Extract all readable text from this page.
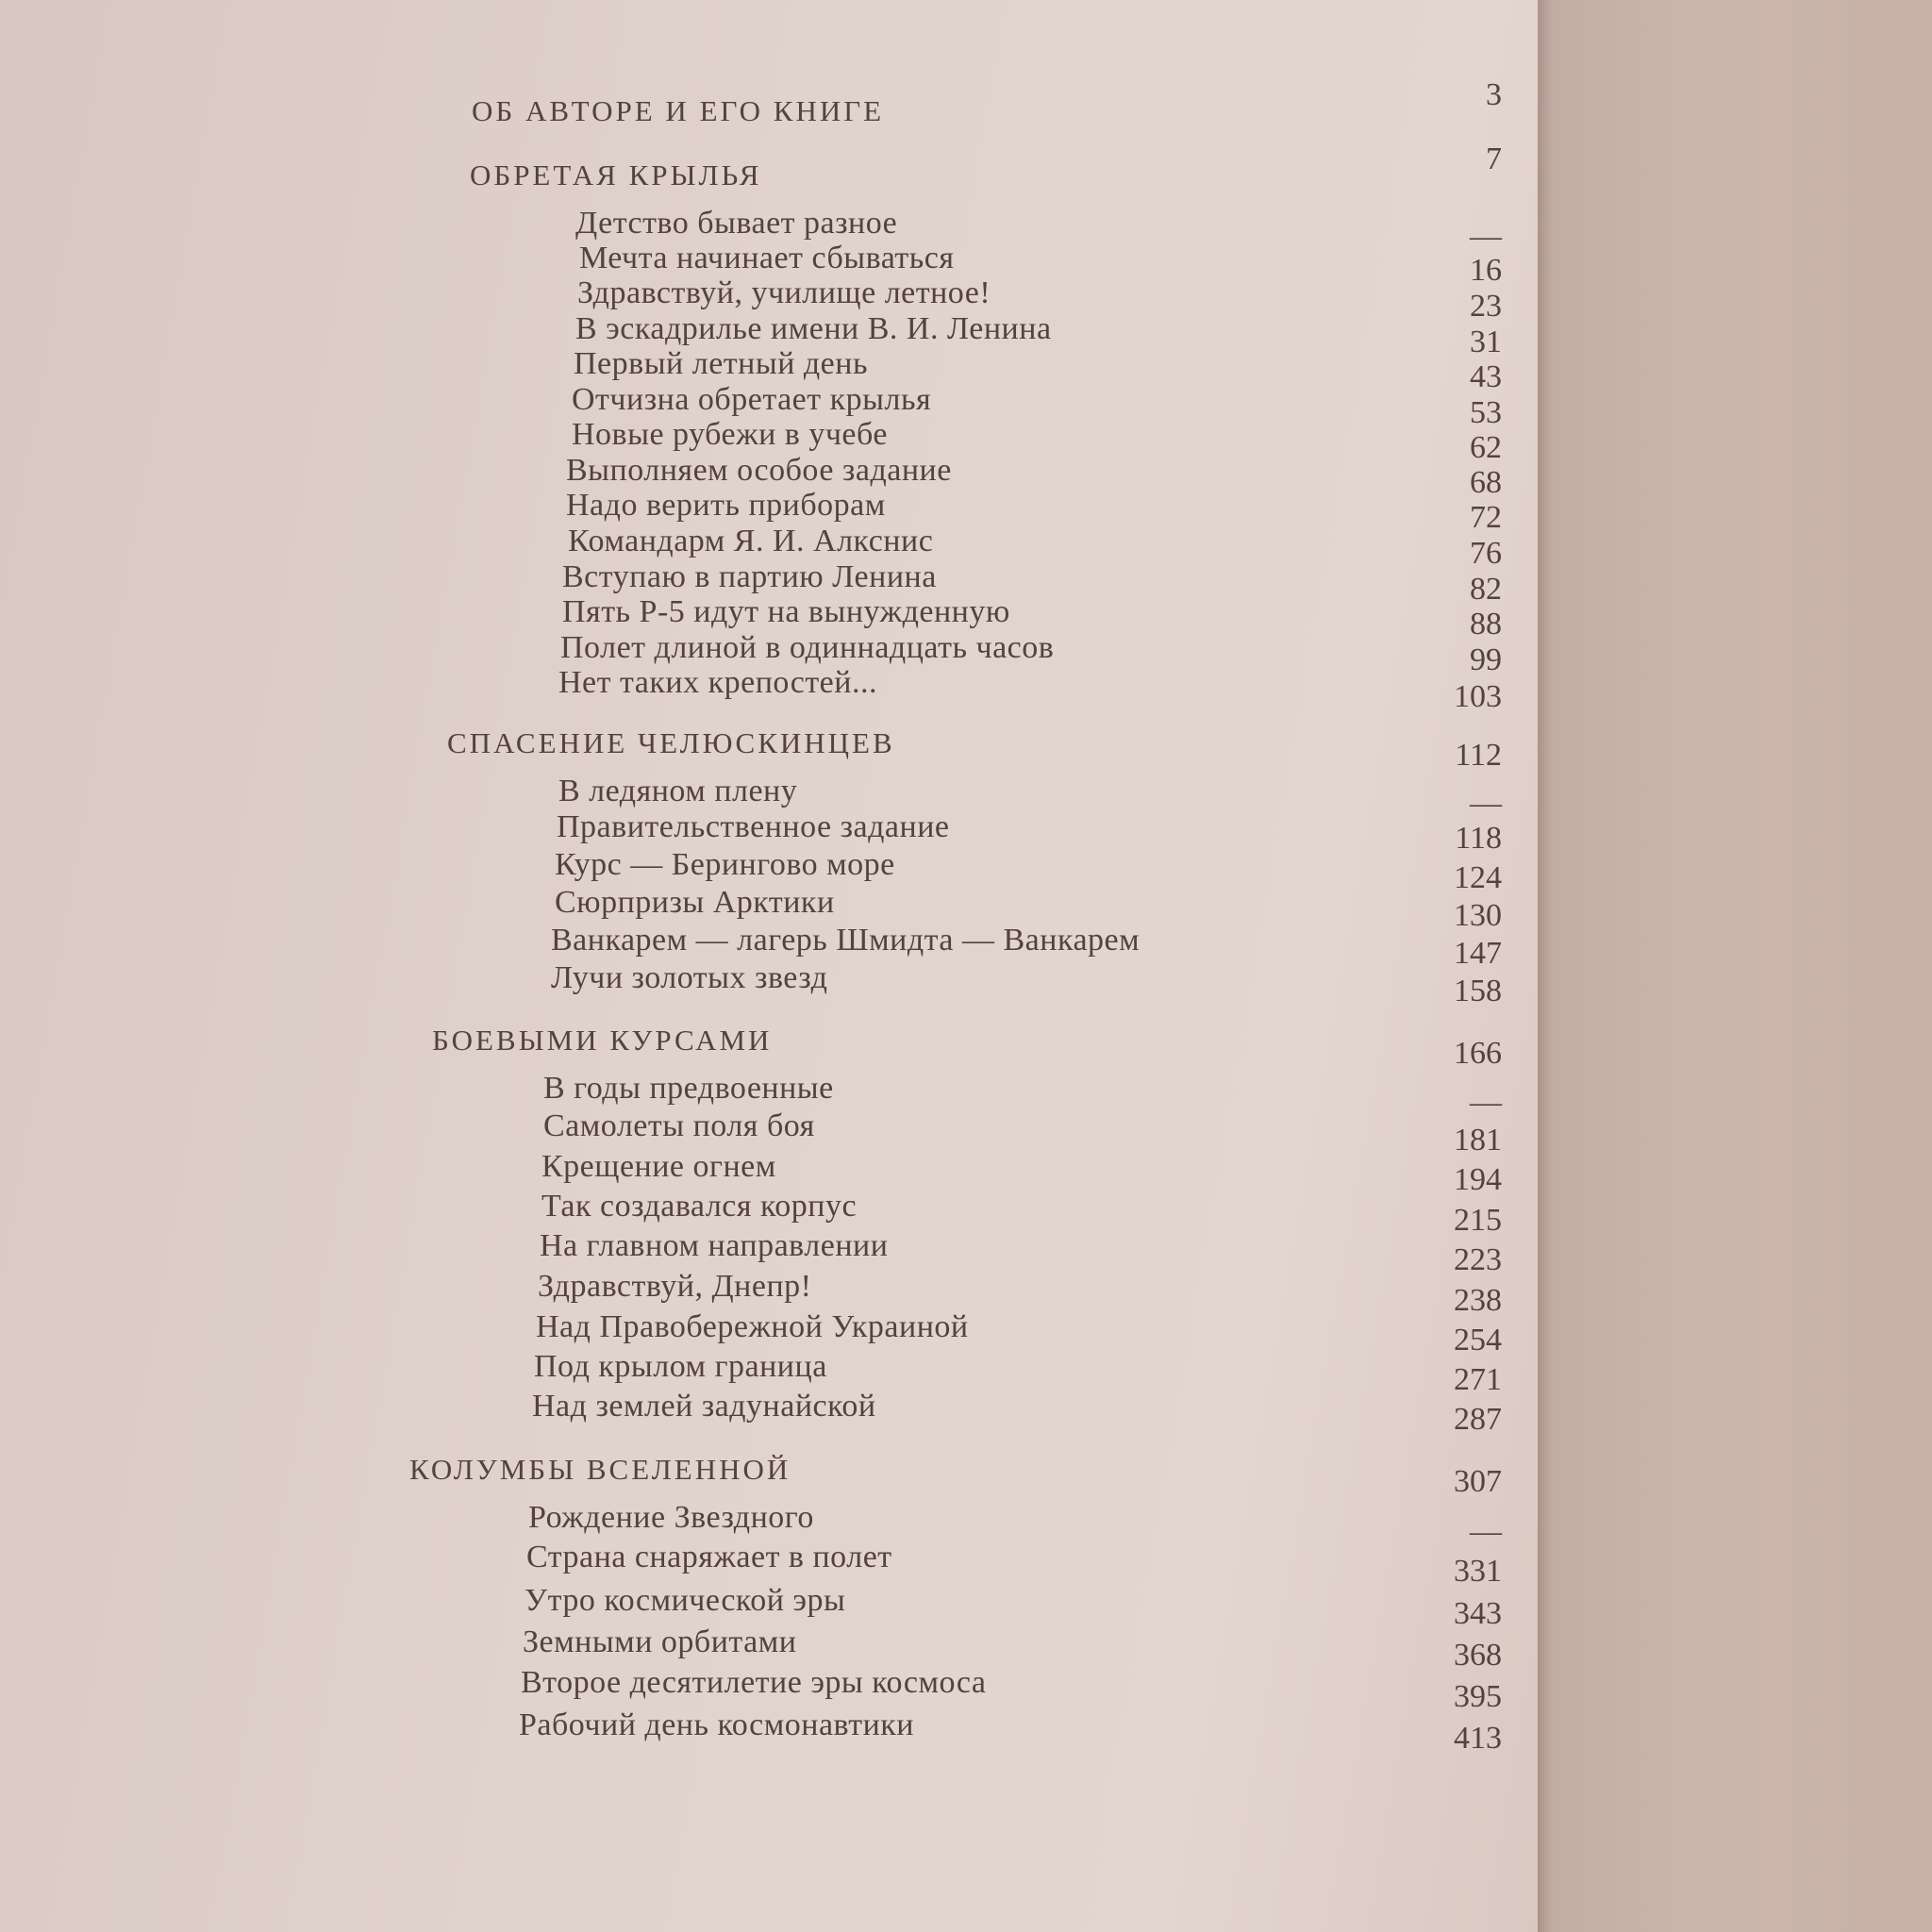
ОБ АВТОРЕ И ЕГО КНИГЕ	3

ОБРЕТАЯ КРЫЛЬЯ	7

Детство бывает разное	—

Мечта начинает сбываться	16

Здравствуй, училище летное!	23

В эскадрилье имени В. И. Ленина	31

Первый летный день	43

Отчизна обретает крылья	53

Новые рубежи в учебе	62

Выполняем особое задание	68

Надо верить приборам	72

Командарм Я. И. Алкснис	76

Вступаю в партию Ленина	82

Пять Р-5 идут на вынужденную	88

Полет длиной в одиннадцать часов	99

Нет таких крепостей...	103

СПАСЕНИЕ ЧЕЛЮСКИНЦЕВ	112

В ледяном плену	—

Правительственное задание	118

Курс — Берингово море	124

Сюрпризы Арктики	130

Ванкарем — лагерь Шмидта — Ванкарем	147

Лучи золотых звезд	158

БОЕВЫМИ КУРСАМИ	166

В годы предвоенные	—

Самолеты поля боя	181

Крещение огнем	194

Так создавался корпус	215

На главном направлении	223

Здравствуй, Днепр!	238

Над Правобережной Украиной	254

Под крылом граница	271

Над землей задунайской	287

КОЛУМБЫ ВСЕЛЕННОЙ	307

Рождение Звездного	—

Страна снаряжает в полет	331

Утро космической эры	343

Земными орбитами	368

Второе десятилетие эры космоса	395

Рабочий день космонавтики	413
